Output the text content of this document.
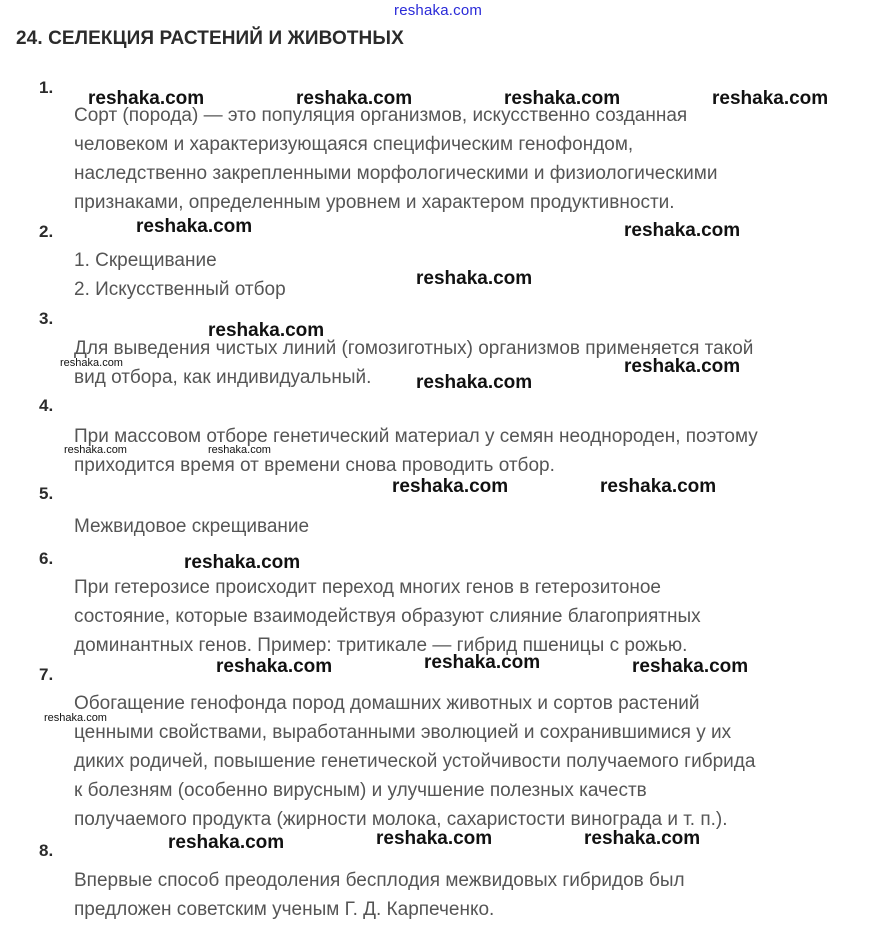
reshaka.com
24. СЕЛЕКЦИЯ РАСТЕНИЙ И ЖИВОТНЫХ
1.
Сорт (порода) — это популяция организмов, искусственно созданная
человеком и характеризующаяся специфическим генофондом,
наследственно закрепленными морфологическими и физиологическими
признаками, определенным уровнем и характером продуктивности.
2.
1. Скрещивание
2. Искусственный отбор
3.
Для выведения чистых линий (гомозиготных) организмов применяется такой
вид отбора, как индивидуальный.
4.
При массовом отборе генетический материал у семян неоднороден, поэтому
приходится время от времени снова проводить отбор.
5.
Межвидовое скрещивание
6.
При гетерозисе происходит переход многих генов в гетерозитоное
состояние, которые взаимодействуя образуют слияние благоприятных
доминантных генов. Пример: тритикале — гибрид пшеницы с рожью.
7.
Обогащение генофонда пород домашних животных и сортов растений
ценными свойствами, выработанными эволюцией и сохранившимися у их
диких родичей, повышение генетической устойчивости получаемого гибрида
к болезням (особенно вирусным) и улучшение полезных качеств
получаемого продукта (жирности молока, сахаристости винограда и т. п.).
8.
Впервые способ преодоления бесплодия межвидовых гибридов был
предложен советским ученым Г. Д. Карпеченко.
reshaka.com	reshaka.com	reshaka.com	reshaka.com
reshaka.com	reshaka.com
reshaka.com
reshaka.com
reshaka.com
reshaka.com
reshaka.com	reshaka.com
reshaka.com
reshaka.com	reshaka.com	reshaka.com
reshaka.com	reshaka.com	reshaka.com
reshaka.com
reshaka.com	reshaka.com
reshaka.com
